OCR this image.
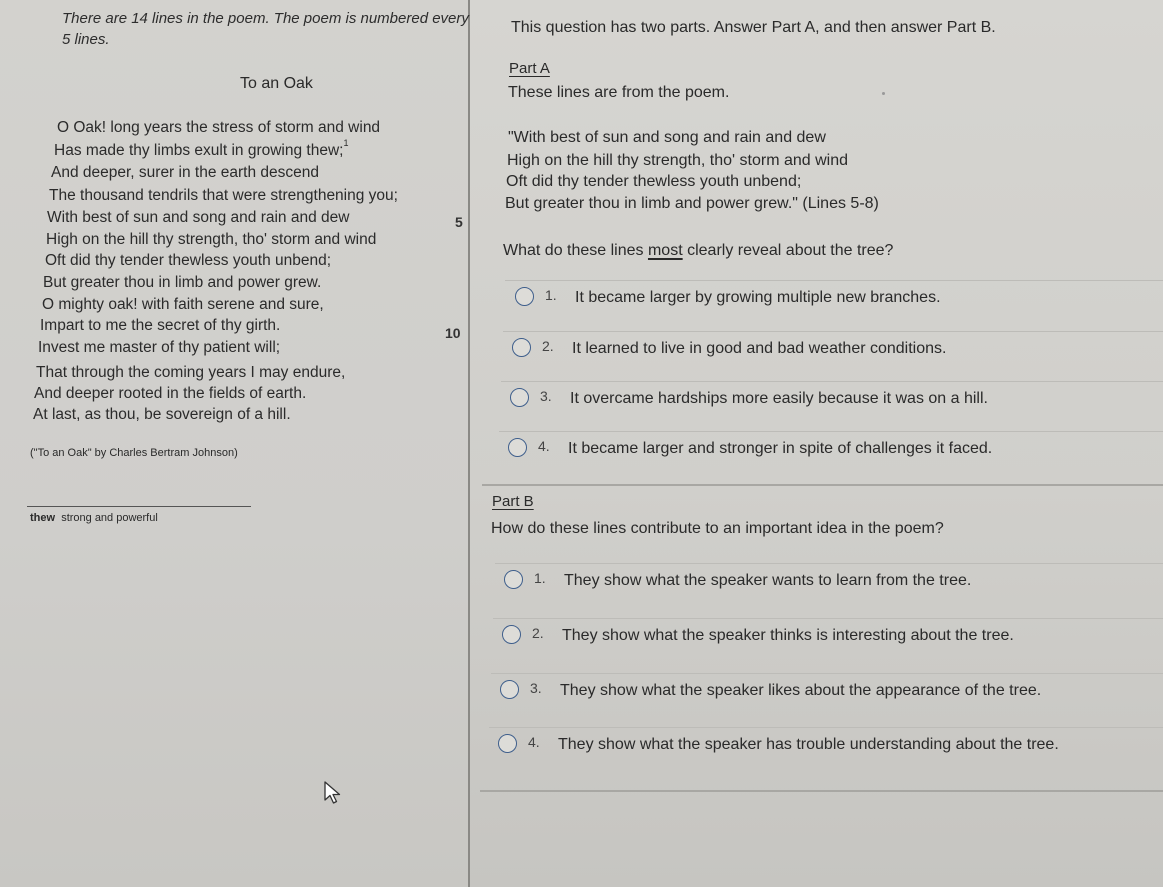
There are 14 lines in the poem. The poem is numbered every
5 lines.
To an Oak
O Oak! long years the stress of storm and wind
Has made thy limbs exult in growing thew;$^1$
And deeper, surer in the earth descend
The thousand tendrils that were strengthening you;
With best of sun and song and rain and dew
High on the hill thy strength, tho' storm and wind
Oft did thy tender thewless youth unbend;
But greater thou in limb and power grew.
O mighty oak! with faith serene and sure,
Impart to me the secret of thy girth.
Invest me master of thy patient will;
That through the coming years I may endure,
And deeper rooted in the fields of earth.
At last, as thou, be sovereign of a hill.
5
10
("To an Oak" by Charles Bertram Johnson)
thew strong and powerful
This question has two parts. Answer Part A, and then answer Part B.
Part A
These lines are from the poem.
"With best of sun and song and rain and dew
High on the hill thy strength, tho' storm and wind
Oft did thy tender thewless youth unbend;
But greater thou in limb and power grew." (Lines 5-8)
What do these lines most clearly reveal about the tree?
1. It became larger by growing multiple new branches.
2. It learned to live in good and bad weather conditions.
3. It overcame hardships more easily because it was on a hill.
4. It became larger and stronger in spite of challenges it faced.
Part B
How do these lines contribute to an important idea in the poem?
1. They show what the speaker wants to learn from the tree.
2. They show what the speaker thinks is interesting about the tree.
3. They show what the speaker likes about the appearance of the tree.
4. They show what the speaker has trouble understanding about the tree.
